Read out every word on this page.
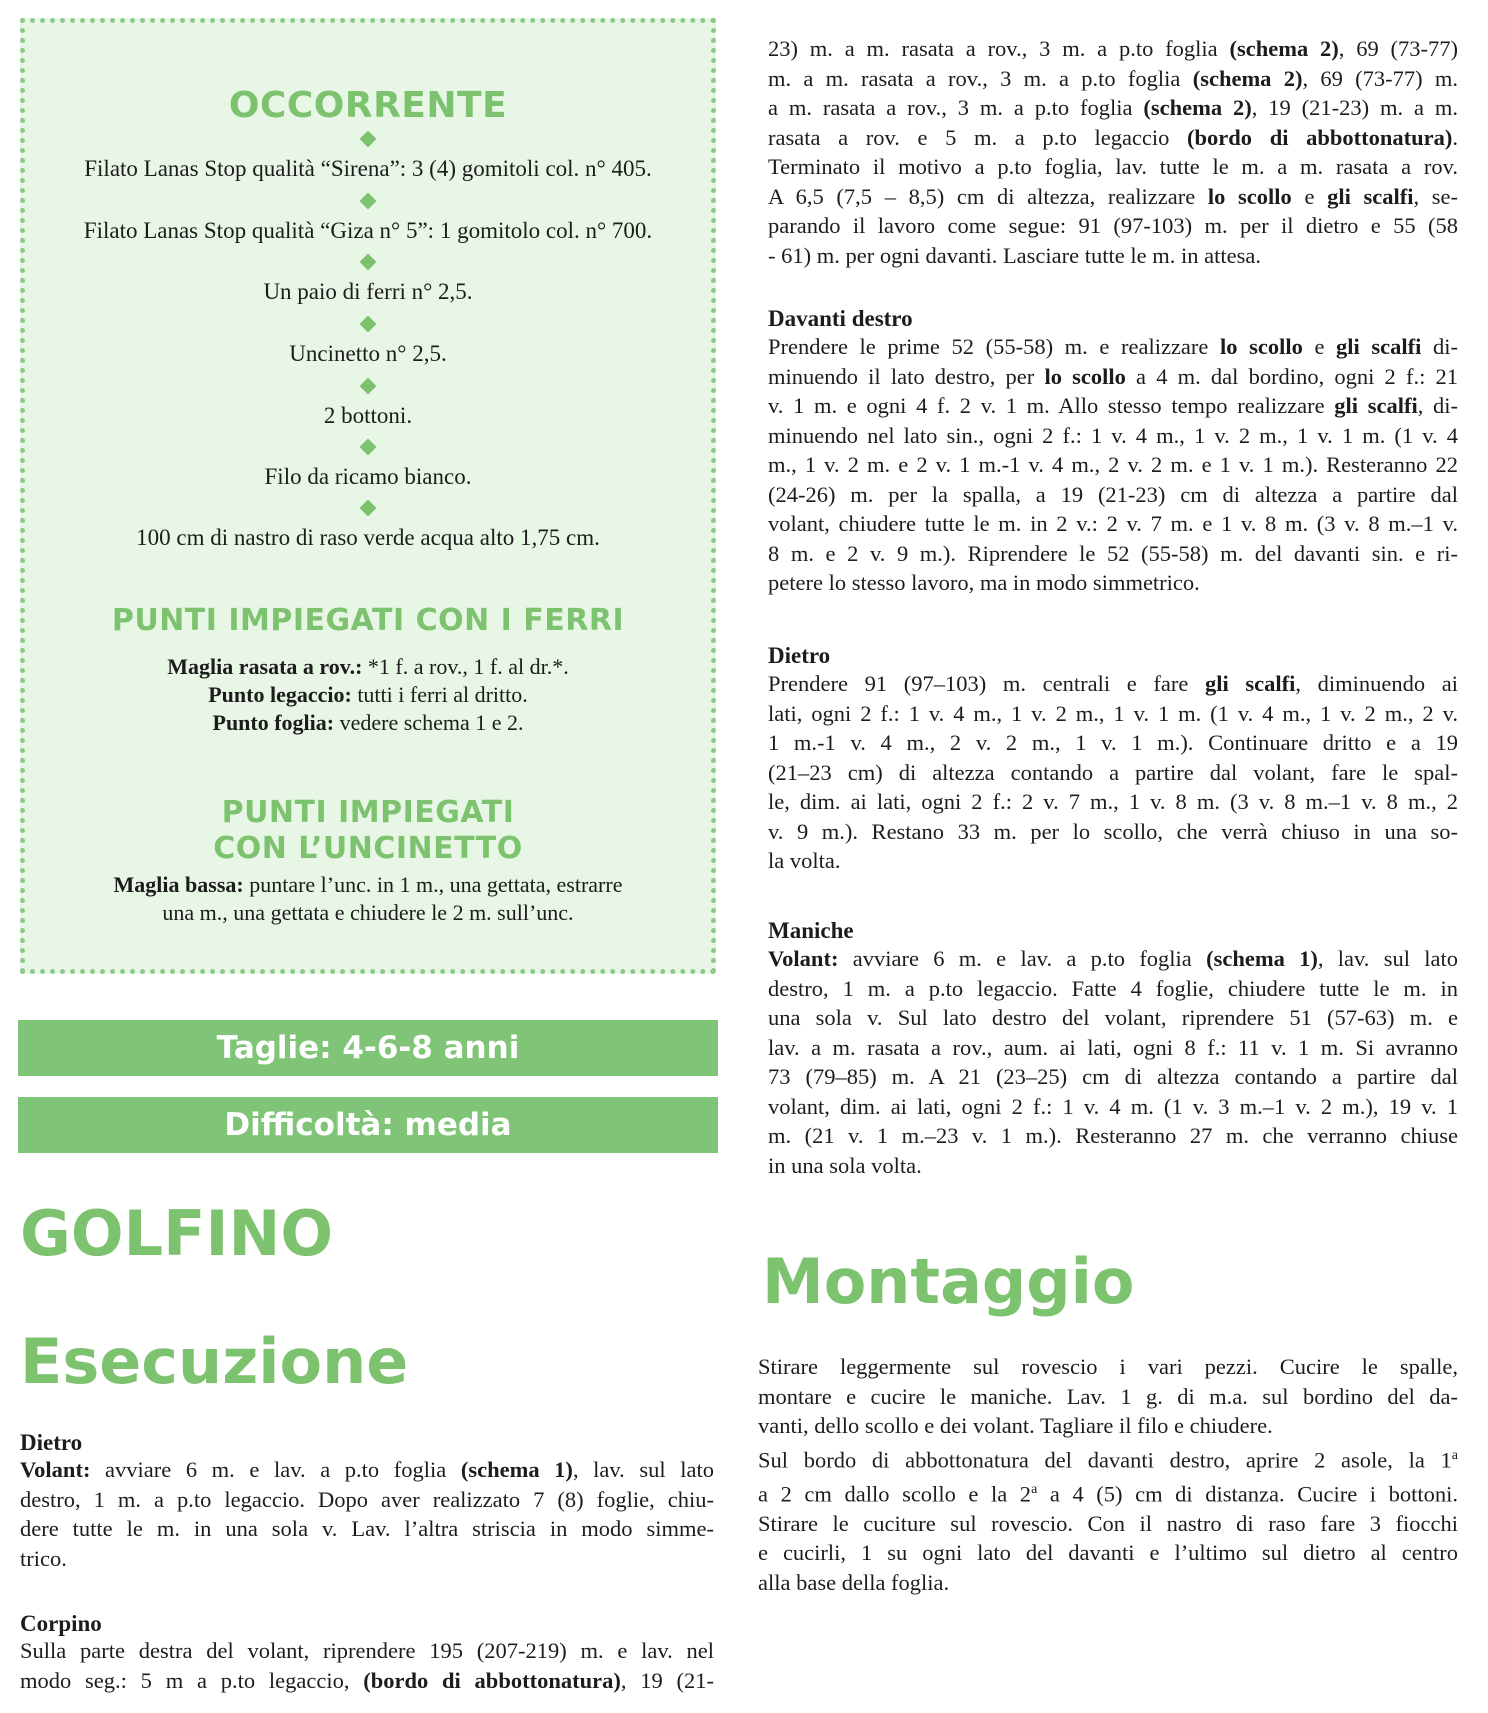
OCCORRENTE
Filato Lanas Stop qualità “Sirena”: 3 (4) gomitoli col. n° 405.
Filato Lanas Stop qualità “Giza n° 5”: 1 gomitolo col. n° 700.
Un paio di ferri n° 2,5.
Uncinetto n° 2,5.
2 bottoni.
Filo da ricamo bianco.
100 cm di nastro di raso verde acqua alto 1,75 cm.
PUNTI IMPIEGATI CON I FERRI
Maglia rasata a rov.: *1 f. a rov., 1 f. al dr.*.
Punto legaccio: tutti i ferri al dritto.
Punto foglia: vedere schema 1 e 2.
PUNTI IMPIEGATI
CON L’UNCINETTO
Maglia bassa: puntare l’unc. in 1 m., una gettata, estrarre
una m., una gettata e chiudere le 2 m. sull’unc.
Taglie: 4-6-8 anni
Difficoltà: media
GOLFINO
Esecuzione
Dietro
Volant: avviare 6 m. e lav. a p.to foglia (schema 1), lav. sul lato
destro, 1 m. a p.to legaccio. Dopo aver realizzato 7 (8) foglie, chiu-
dere tutte le m. in una sola v. Lav. l’altra striscia in modo simme-
trico.
Corpino
Sulla parte destra del volant, riprendere 195 (207-219) m. e lav. nel
modo seg.: 5 m a p.to legaccio, (bordo di abbottonatura), 19 (21-
23) m. a m. rasata a rov., 3 m. a p.to foglia (schema 2), 69 (73-77)
m. a m. rasata a rov., 3 m. a p.to foglia (schema 2), 69 (73-77) m.
a m. rasata a rov., 3 m. a p.to foglia (schema 2), 19 (21-23) m. a m.
rasata a rov. e 5 m. a p.to legaccio (bordo di abbottonatura).
Terminato il motivo a p.to foglia, lav. tutte le m. a m. rasata a rov.
A 6,5 (7,5 – 8,5) cm di altezza, realizzare lo scollo e gli scalfi, se-
parando il lavoro come segue: 91 (97-103) m. per il dietro e 55 (58
- 61) m. per ogni davanti. Lasciare tutte le m. in attesa.
Davanti destro
Prendere le prime 52 (55-58) m. e realizzare lo scollo e gli scalfi di-
minuendo il lato destro, per lo scollo a 4 m. dal bordino, ogni 2 f.: 21
v. 1 m. e ogni 4 f. 2 v. 1 m. Allo stesso tempo realizzare gli scalfi, di-
minuendo nel lato sin., ogni 2 f.: 1 v. 4 m., 1 v. 2 m., 1 v. 1 m. (1 v. 4
m., 1 v. 2 m. e 2 v. 1 m.-1 v. 4 m., 2 v. 2 m. e 1 v. 1 m.). Resteranno 22
(24-26) m. per la spalla, a 19 (21-23) cm di altezza a partire dal
volant, chiudere tutte le m. in 2 v.: 2 v. 7 m. e 1 v. 8 m. (3 v. 8 m.–1 v.
8 m. e 2 v. 9 m.). Riprendere le 52 (55-58) m. del davanti sin. e ri-
petere lo stesso lavoro, ma in modo simmetrico.
Dietro
Prendere 91 (97–103) m. centrali e fare gli scalfi, diminuendo ai
lati, ogni 2 f.: 1 v. 4 m., 1 v. 2 m., 1 v. 1 m. (1 v. 4 m., 1 v. 2 m., 2 v.
1 m.-1 v. 4 m., 2 v. 2 m., 1 v. 1 m.). Continuare dritto e a 19
(21–23 cm) di altezza contando a partire dal volant, fare le spal-
le, dim. ai lati, ogni 2 f.: 2 v. 7 m., 1 v. 8 m. (3 v. 8 m.–1 v. 8 m., 2
v. 9 m.). Restano 33 m. per lo scollo, che verrà chiuso in una so-
la volta.
Maniche
Volant: avviare 6 m. e lav. a p.to foglia (schema 1), lav. sul lato
destro, 1 m. a p.to legaccio. Fatte 4 foglie, chiudere tutte le m. in
una sola v. Sul lato destro del volant, riprendere 51 (57-63) m. e
lav. a m. rasata a rov., aum. ai lati, ogni 8 f.: 11 v. 1 m. Si avranno
73 (79–85) m. A 21 (23–25) cm di altezza contando a partire dal
volant, dim. ai lati, ogni 2 f.: 1 v. 4 m. (1 v. 3 m.–1 v. 2 m.), 19 v. 1
m. (21 v. 1 m.–23 v. 1 m.). Resteranno 27 m. che verranno chiuse
in una sola volta.
Montaggio
Stirare leggermente sul rovescio i vari pezzi. Cucire le spalle,
montare e cucire le maniche. Lav. 1 g. di m.a. sul bordino del da-
vanti, dello scollo e dei volant. Tagliare il filo e chiudere.
Sul bordo di abbottonatura del davanti destro, aprire 2 asole, la 1$^a$
a 2 cm dallo scollo e la 2$^a$ a 4 (5) cm di distanza. Cucire i bottoni.
Stirare le cuciture sul rovescio. Con il nastro di raso fare 3 fiocchi
e cucirli, 1 su ogni lato del davanti e l’ultimo sul dietro al centro
alla base della foglia.
